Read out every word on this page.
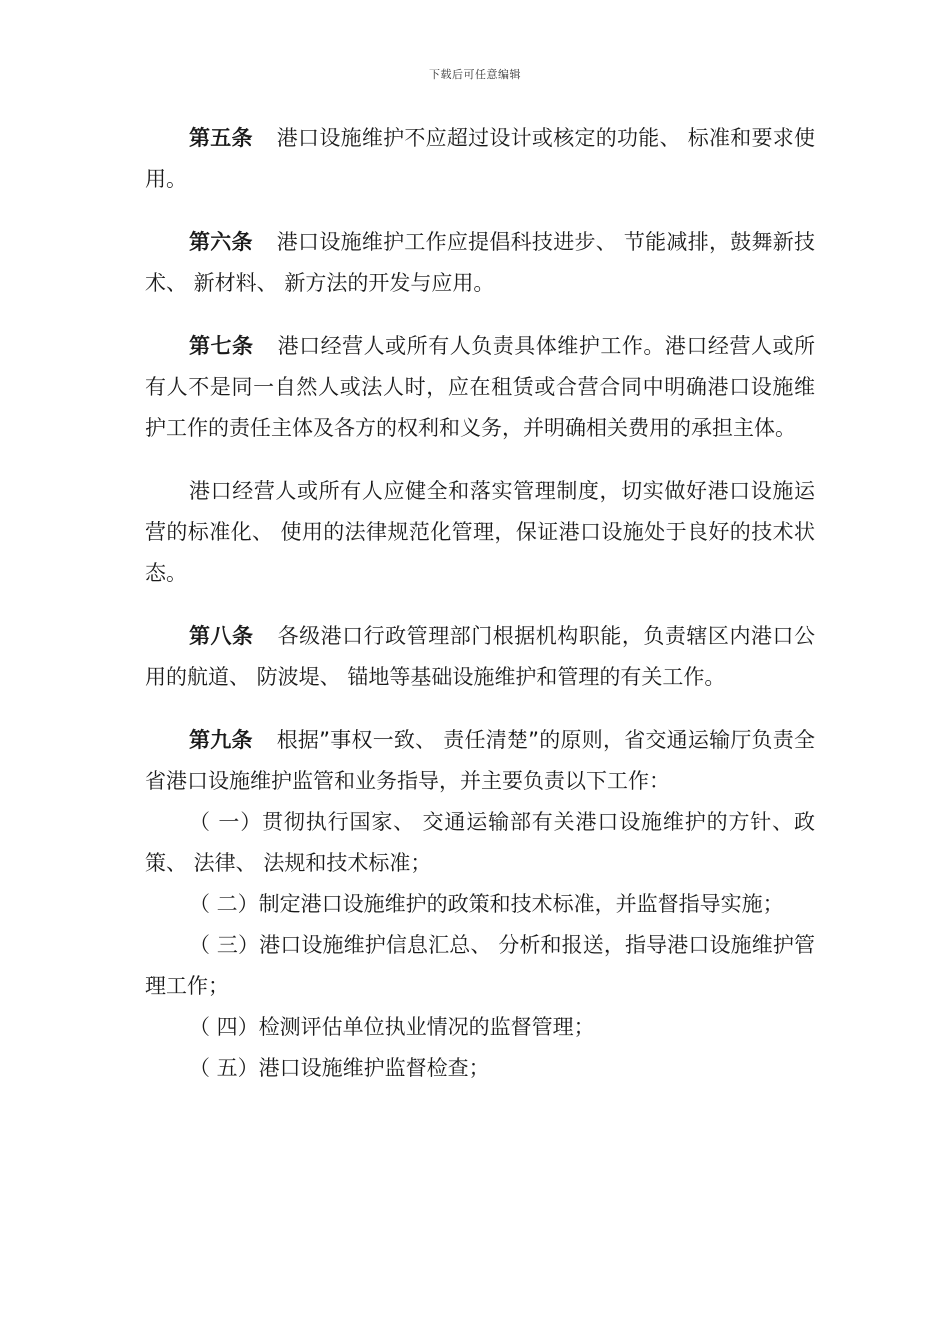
下载后可任意编辑

第五条 港口设施维护不应超过设计或核定的功能、 标准和要求使用。

第六条 港口设施维护工作应提倡科技进步、 节能减排，鼓舞新技术、 新材料、 新方法的开发与应用。

第七条 港口经营人或所有人负责具体维护工作。港口经营人或所有人不是同一自然人或法人时，应在租赁或合营合同中明确港口设施维护工作的责任主体及各方的权利和义务，并明确相关费用的承担主体。

港口经营人或所有人应健全和落实管理制度，切实做好港口设施运营的标准化、 使用的法律规范化管理，保证港口设施处于良好的技术状态。

第八条 各级港口行政管理部门根据机构职能，负责辖区内港口公用的航道、 防波堤、 锚地等基础设施维护和管理的有关工作。

第九条 根据”事权一致、 责任清楚”的原则，省交通运输厅负责全省港口设施维护监管和业务指导，并主要负责以下工作：

（ 一）贯彻执行国家、 交通运输部有关港口设施维护的方针、政策、 法律、 法规和技术标准；

（ 二）制定港口设施维护的政策和技术标准，并监督指导实施；

（ 三）港口设施维护信息汇总、 分析和报送，指导港口设施维护管理工作；

（ 四）检测评估单位执业情况的监督管理；

（ 五）港口设施维护监督检查；
